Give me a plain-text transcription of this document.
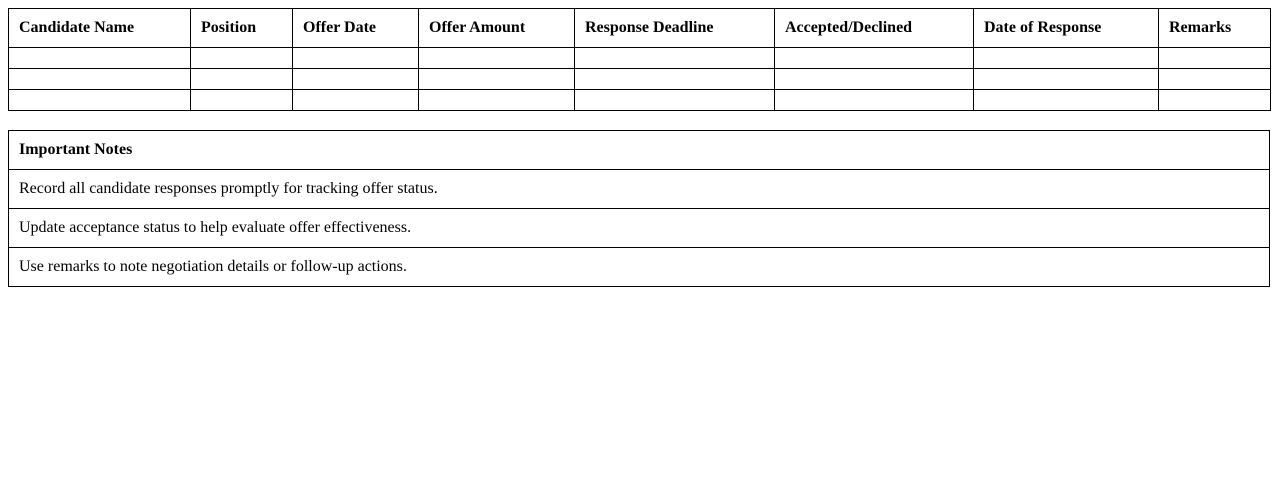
Candidate Name	Position	Offer Date	Offer Amount	Response Deadline	Accepted/Declined	Date of Response	Remarks

Important Notes
Record all candidate responses promptly for tracking offer status.
Update acceptance status to help evaluate offer effectiveness.
Use remarks to note negotiation details or follow-up actions.
